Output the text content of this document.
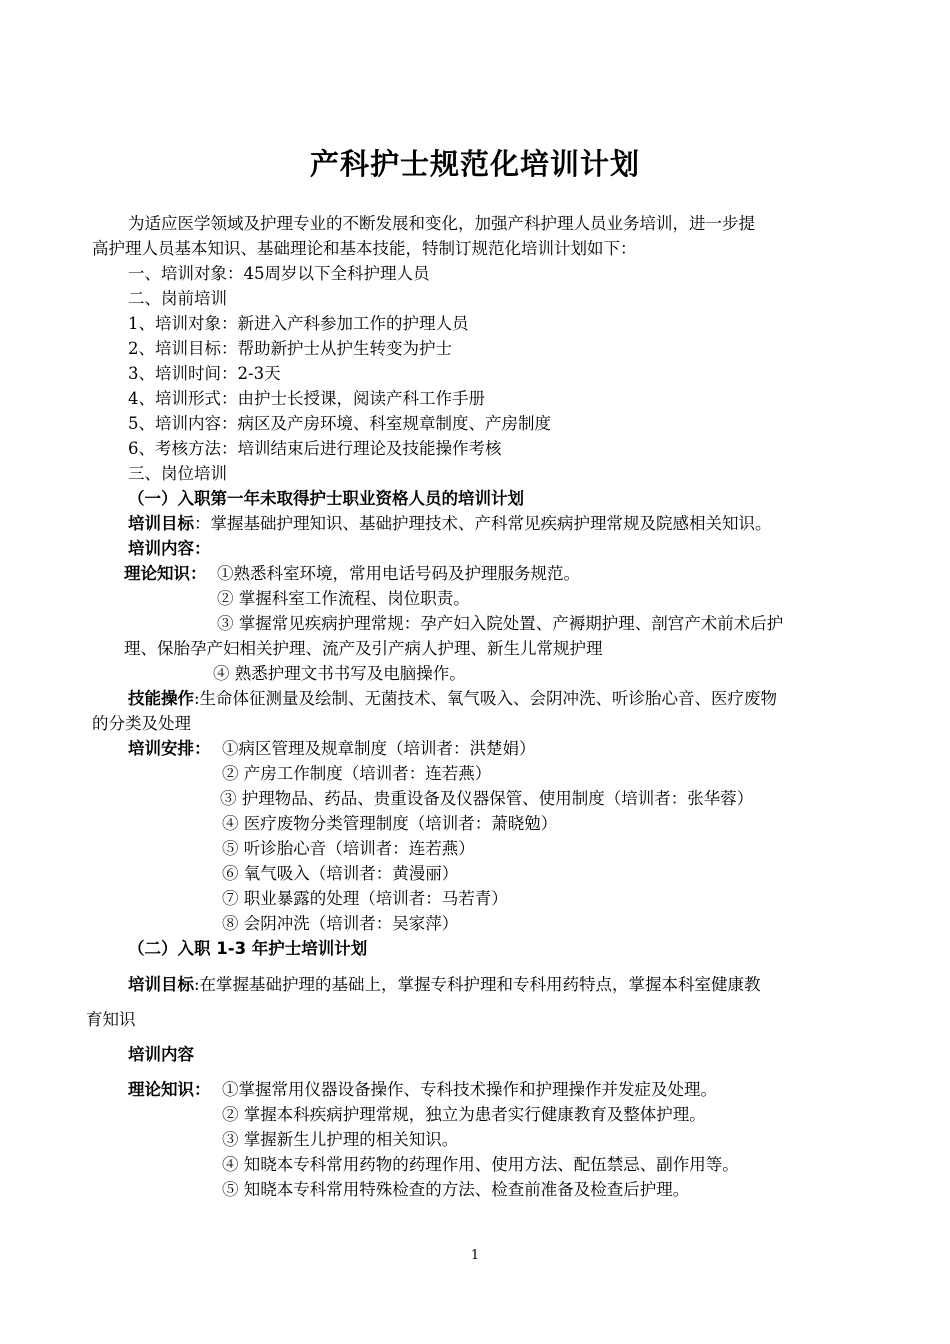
产科护士规范化培训计划
为适应医学领域及护理专业的不断发展和变化，加强产科护理人员业务培训，进一步提
高护理人员基本知识、基础理论和基本技能，特制订规范化培训计划如下：
一、培训对象：45周岁以下全科护理人员
二、岗前培训
1、培训对象：新进入产科参加工作的护理人员
2、培训目标：帮助新护士从护生转变为护士
3、培训时间：2-3天
4、培训形式：由护士长授课，阅读产科工作手册
5、培训内容：病区及产房环境、科室规章制度、产房制度
6、考核方法：培训结束后进行理论及技能操作考核
三、岗位培训
（一）入职第一年未取得护士职业资格人员的培训计划
培训目标：掌握基础护理知识、基础护理技术、产科常见疾病护理常规及院感相关知识。
培训内容：
理论知识： ①熟悉科室环境，常用电话号码及护理服务规范。
② 掌握科室工作流程、岗位职责。
③ 掌握常见疾病护理常规：孕产妇入院处置、产褥期护理、剖宫产术前术后护
理、保胎孕产妇相关护理、流产及引产病人护理、新生儿常规护理
④ 熟悉护理文书书写及电脑操作。
技能操作:生命体征测量及绘制、无菌技术、氧气吸入、会阴冲洗、听诊胎心音、医疗废物
的分类及处理
培训安排： ①病区管理及规章制度（培训者：洪楚娟）
② 产房工作制度（培训者：连若燕）
③ 护理物品、药品、贵重设备及仪器保管、使用制度（培训者：张华蓉）
④ 医疗废物分类管理制度（培训者：萧晓勉）
⑤ 听诊胎心音（培训者：连若燕）
⑥ 氧气吸入（培训者：黄漫丽）
⑦ 职业暴露的处理（培训者：马若青）
⑧ 会阴冲洗（培训者：吴家萍）
（二）入职 1-3 年护士培训计划
培训目标:在掌握基础护理的基础上，掌握专科护理和专科用药特点，掌握本科室健康教
育知识
培训内容
理论知识： ①掌握常用仪器设备操作、专科技术操作和护理操作并发症及处理。
② 掌握本科疾病护理常规，独立为患者实行健康教育及整体护理。
③ 掌握新生儿护理的相关知识。
④ 知晓本专科常用药物的药理作用、使用方法、配伍禁忌、副作用等。
⑤ 知晓本专科常用特殊检查的方法、检查前准备及检查后护理。
1
